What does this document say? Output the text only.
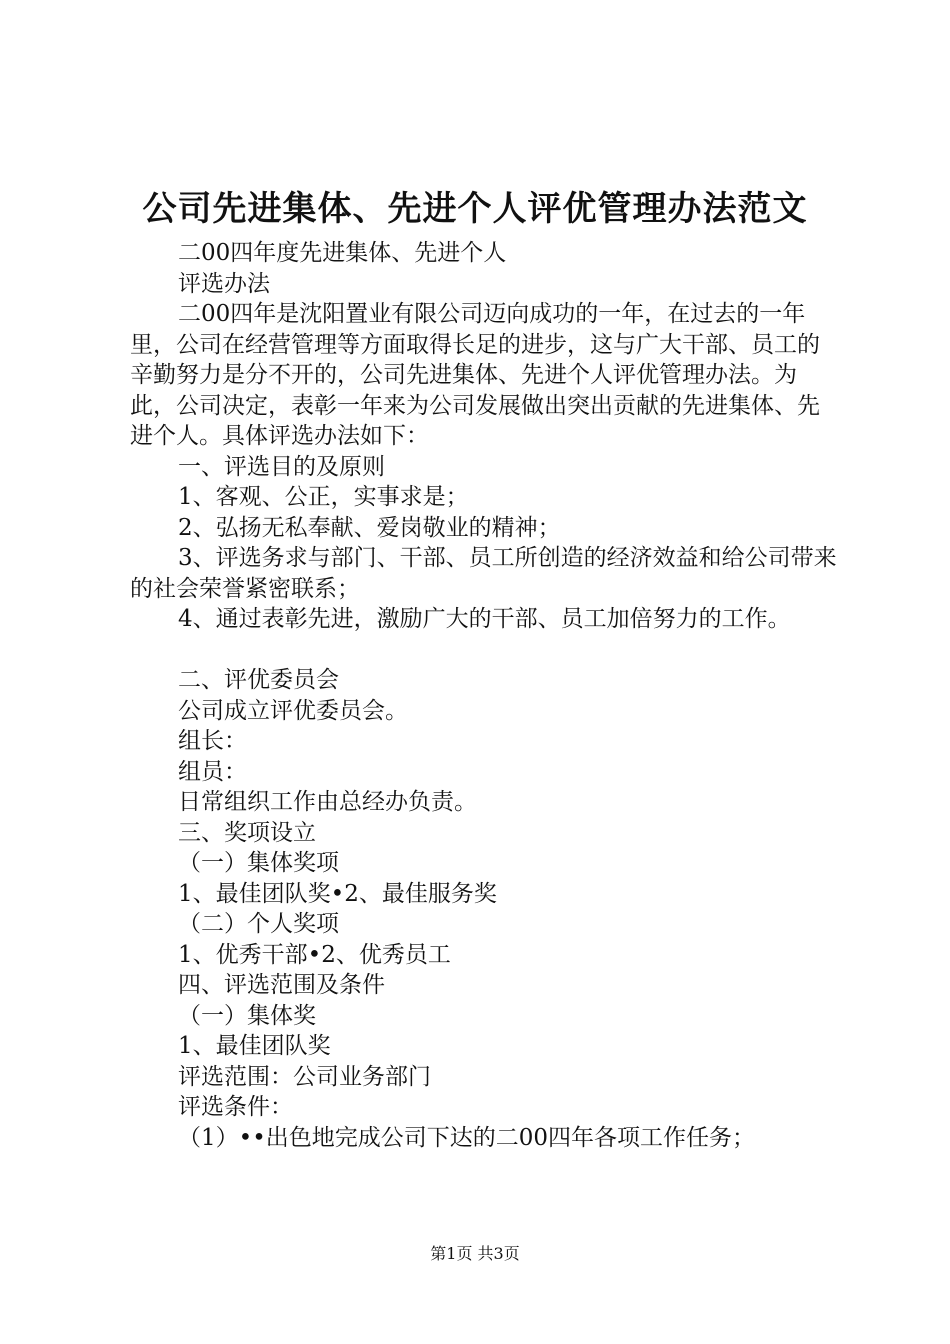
公司先进集体、先进个人评优管理办法范文

二00四年度先进集体、先进个人

评选办法

二00四年是沈阳置业有限公司迈向成功的一年，在过去的一年里，公司在经营管理等方面取得长足的进步，这与广大干部、员工的辛勤努力是分不开的，公司先进集体、先进个人评优管理办法。为此，公司决定，表彰一年来为公司发展做出突出贡献的先进集体、先进个人。具体评选办法如下：

一、评选目的及原则

1、客观、公正，实事求是；

2、弘扬无私奉献、爱岗敬业的精神；

3、评选务求与部门、干部、员工所创造的经济效益和给公司带来的社会荣誉紧密联系；

4、通过表彰先进，激励广大的干部、员工加倍努力的工作。

二、评优委员会

公司成立评优委员会。

组长：

组员：

日常组织工作由总经办负责。

三、奖项设立

（一）集体奖项

1、最佳团队奖•2、最佳服务奖

（二）个人奖项

1、优秀干部•2、优秀员工

四、评选范围及条件

（一）集体奖

1、最佳团队奖

评选范围：公司业务部门

评选条件：

（1）••出色地完成公司下达的二00四年各项工作任务；

第1页 共3页
